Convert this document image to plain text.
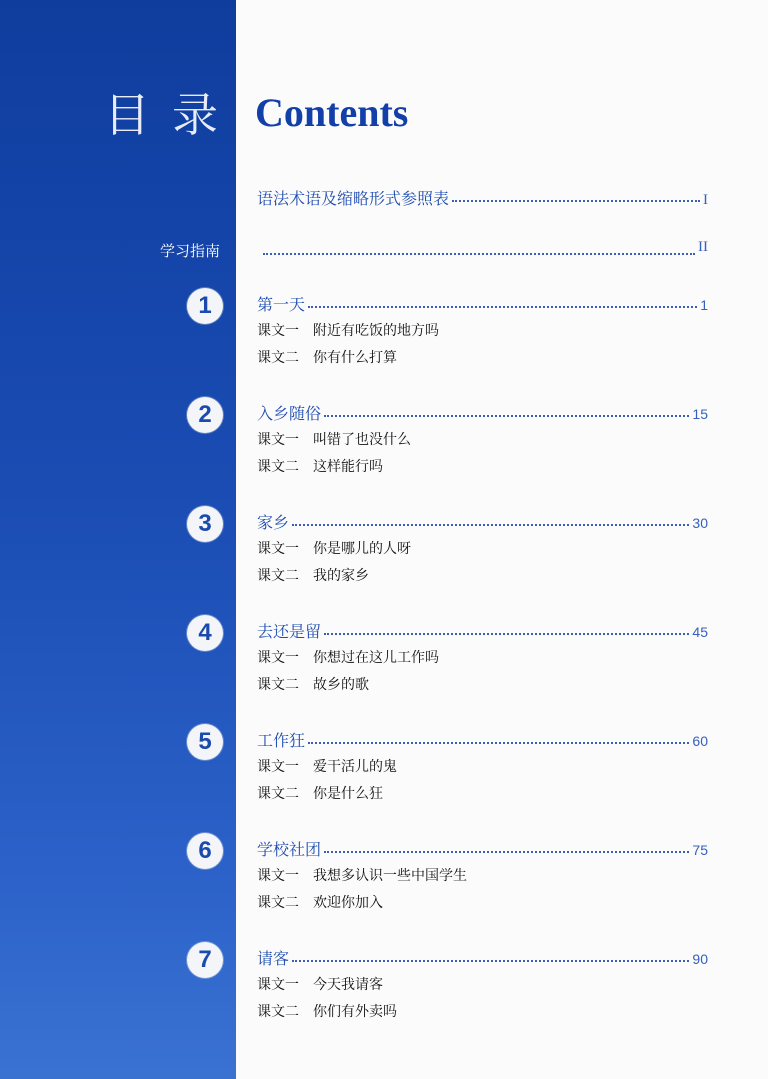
目录 Contents
语法术语及缩略形式参照表	I
学习指南	II
1	第一天	1
课文一 附近有吃饭的地方吗
课文二 你有什么打算
2	入乡随俗	15
课文一 叫错了也没什么
课文二 这样能行吗
3	家乡	30
课文一 你是哪儿的人呀
课文二 我的家乡
4	去还是留	45
课文一 你想过在这儿工作吗
课文二 故乡的歌
5	工作狂	60
课文一 爱干活儿的鬼
课文二 你是什么狂
6	学校社团	75
课文一 我想多认识一些中国学生
课文二 欢迎你加入
7	请客	90
课文一 今天我请客
课文二 你们有外卖吗
